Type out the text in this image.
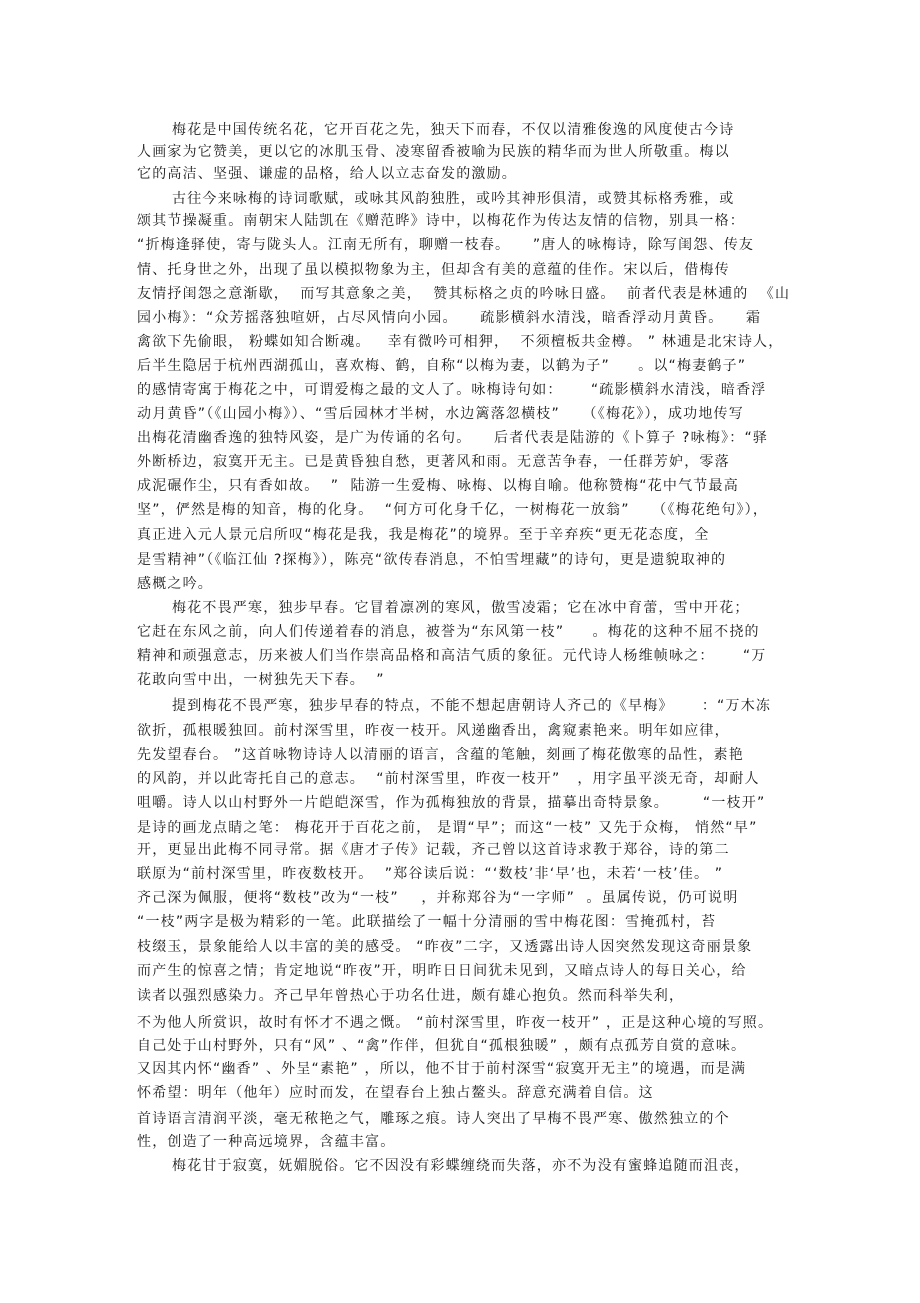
梅花是中国传统名花，它开百花之先，独天下而春，不仅以清雅俊逸的风度使古今诗
人画家为它赞美，更以它的冰肌玉骨、凌寒留香被喻为民族的精华而为世人所敬重。梅以
它的高洁、坚强、谦虚的品格，给人以立志奋发的激励。
古往今来咏梅的诗词歌赋，或咏其风韵独胜，或吟其神形俱清，或赞其标格秀雅，或
颂其节操凝重。南朝宋人陆凯在《赠范晔》诗中，以梅花作为传达友情的信物，别具一格：
“折梅逢驿使，寄与陇头人。江南无所有，聊赠一枝春。    ”唐人的咏梅诗，除写闺怨、传友
情、托身世之外，出现了虽以模拟物象为主，但却含有美的意蕴的佳作。宋以后，借梅传
友情抒闺怨之意渐歇，  而写其意象之美，  赞其标格之贞的吟咏日盛。  前者代表是林逋的  《山
园小梅》：“众芳摇落独喧妍，占尽风情向小园。    疏影横斜水清浅，暗香浮动月黄昏。    霜
禽欲下先偷眼， 粉蝶如知合断魂。   幸有微吟可相狎，  不须檀板共金樽。 ” 林逋是北宋诗人，
后半生隐居于杭州西湖孤山，喜欢梅、鹤，自称“以梅为妻，以鹤为子”     。以“梅妻鹤子”
的感情寄寓于梅花之中，可谓爱梅之最的文人了。咏梅诗句如：     “疏影横斜水清浅，暗香浮
动月黄昏”（《山园小梅》）、“雪后园林才半树，水边篱落忽横枝”    （《梅花》），成功地传写
出梅花清幽香逸的独特风姿，是广为传诵的名句。    后者代表是陆游的《卜算子 ?咏梅》：“驿
外断桥边，寂寞开无主。已是黄昏独自愁，更著风和雨。无意苦争春，一任群芳妒，零落
成泥碾作尘，只有香如故。  ”  陆游一生爱梅、咏梅、以梅自喻。他称赞梅“花中气节最高
坚”，俨然是梅的知音，梅的化身。  “何方可化身千亿，一树梅花一放翁”    （《梅花绝句》），
真正进入元人景元启所叹“梅花是我，我是梅花”的境界。至于辛弃疾“更无花态度，全
是雪精神”（《临江仙 ?探梅》），陈亮“欲传春消息，不怕雪埋藏”的诗句，更是遗貌取神的
感概之吟。
梅花不畏严寒，独步早春。它冒着凛冽的寒风，傲雪凌霜；它在冰中育蕾，雪中开花；
它赶在东风之前，向人们传递着春的消息，被誉为“东风第一枝”     。梅花的这种不屈不挠的
精神和顽强意志，历来被人们当作崇高品格和高洁气质的象征。元代诗人杨维帧咏之：     “万
花敢向雪中出，一树独先天下春。  ”
提到梅花不畏严寒，独步早春的特点，不能不想起唐朝诗人齐己的《早梅》     ：“万木冻
欲折，孤根暖独回。前村深雪里，昨夜一枝开。风递幽香出，禽窥素艳来。明年如应律，
先发望春台。 ”这首咏物诗诗人以清丽的语言，含蕴的笔触，刻画了梅花傲寒的品性，素艳
的风韵，并以此寄托自己的意志。  “前村深雪里，昨夜一枝开”   ，用字虽平淡无奇，却耐人
咀嚼。诗人以山村野外一片皑皑深雪，作为孤梅独放的背景，描摹出奇特景象。      “一枝开”
是诗的画龙点睛之笔： 梅花开于百花之前， 是谓“早”；而这“一枝” 又先于众梅， 悄然“早”
开，更显出此梅不同寻常。据《唐才子传》记载，齐己曾以这首诗求教于郑谷，诗的第二
联原为“前村深雪里，昨夜数枝开。  ”郑谷读后说：“‘数枝’非‘早’也，未若‘一枝’佳。 ”
齐己深为佩服，便将“数枝”改为“一枝”    ，并称郑谷为“一字师”  。虽属传说，仍可说明
“一枝”两字是极为精彩的一笔。此联描绘了一幅十分清丽的雪中梅花图：雪掩孤村，苔
枝缀玉，景象能给人以丰富的美的感受。 “昨夜”二字，又透露出诗人因突然发现这奇丽景象
而产生的惊喜之情；肯定地说“昨夜”开，明昨日日间犹未见到，又暗点诗人的每日关心，给
读者以强烈感染力。齐己早年曾热心于功名仕进，颇有雄心抱负。然而科举失利，
不为他人所赏识，故时有怀才不遇之慨。 “前村深雪里，昨夜一枝开” ，正是这种心境的写照。
自己处于山村野外，只有“风” 、“禽”作伴，但犹自“孤根独暖” ，颇有点孤芳自赏的意味。
又因其内怀“幽香” 、外呈“素艳” ，所以，他不甘于前村深雪“寂寞开无主”的境遇，而是满
怀希望：明年（他年）应时而发，在望春台上独占鳌头。辞意充满着自信。这
首诗语言清润平淡，毫无秾艳之气，雕琢之痕。诗人突出了早梅不畏严寒、傲然独立的个
性，创造了一种高远境界，含蕴丰富。
梅花甘于寂寞，妩媚脱俗。它不因没有彩蝶缠绕而失落，亦不为没有蜜蜂追随而沮丧，
